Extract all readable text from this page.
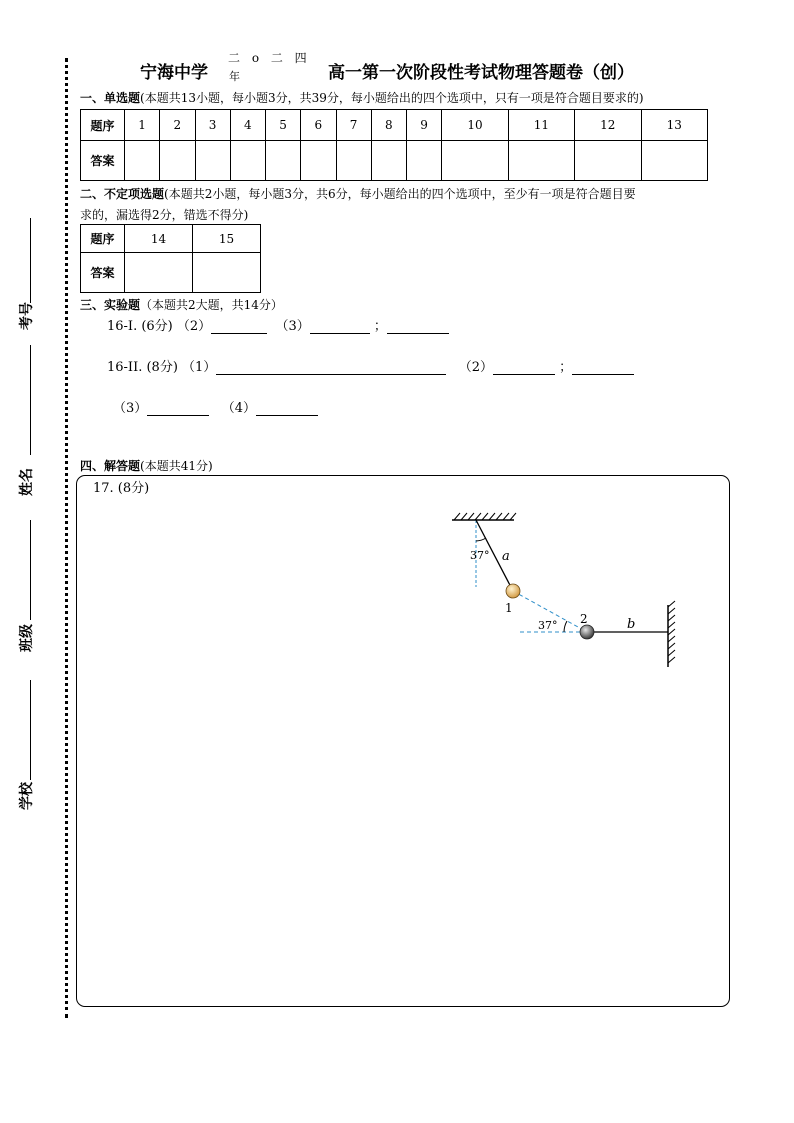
考号
姓名
班级
学校
宁海中学
二 o 二 四
年	高一第一次阶段性考试物理答题卷（创）
一、单选题(本题共13小题，每小题3分，共39分，每小题给出的四个选项中，只有一项是符合题目要求的)
题序	1	2	3	4	5	6	7	8	9	10	11	12	13
答案													
二、不定项选题(本题共2小题，每小题3分，共6分，每小题给出的四个选项中，至少有一项是符合题目要
求的，漏选得2分，错选不得分)
题序	14	15
答案		
三、实验题（本题共2大题，共14分）
16-I. (6分) （2）	（3）	；
16-II. (8分) （1）	（2）	；
（3）	（4）
四、解答题(本题共41分)
17. (8分)
37° a
37°
1
2	b
